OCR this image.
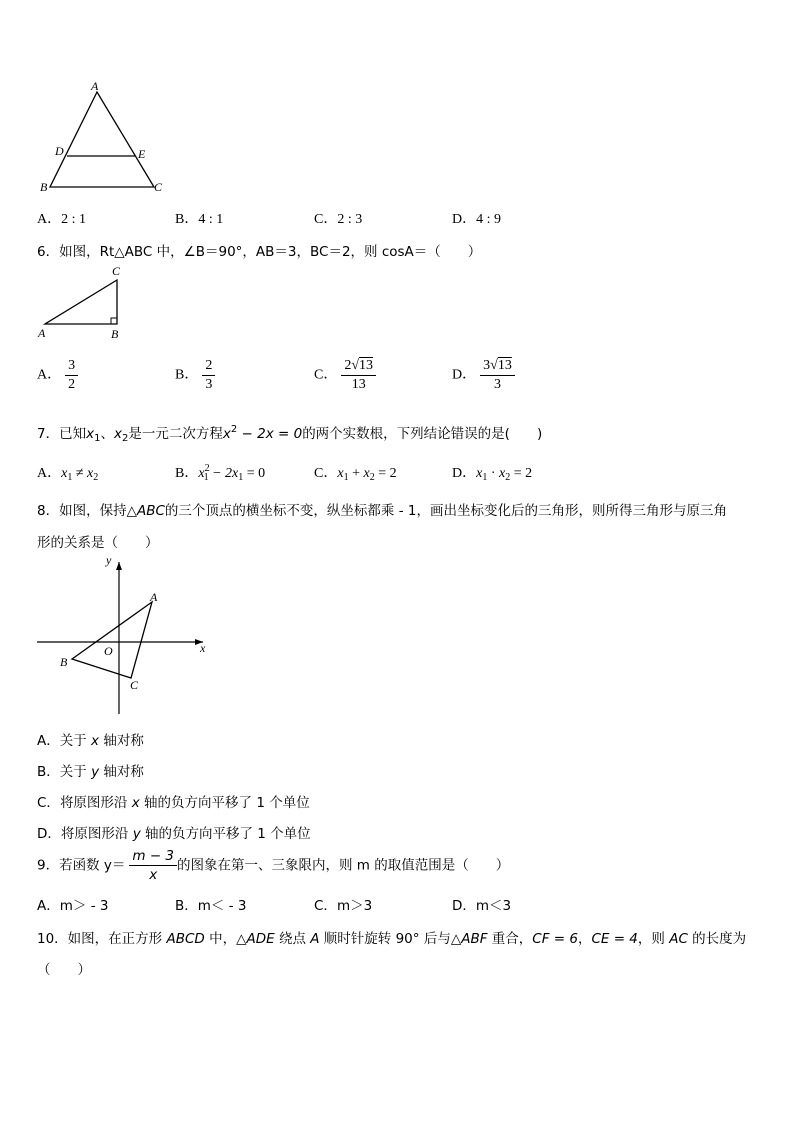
A
D	E
B	C
A．2 : 1	B．4 : 1	C．2 : 3	D．4 : 9
6．如图，Rt△ABC 中，∠B＝90°，AB＝3，BC＝2，则 cosA＝（　　）
C
A	B
A． $\frac{3}{2}$	B． $\frac{2}{3}$	C． $\frac{2√13}{13}$	D． $\frac{3√13}{3}$
7．已知$x_1$、$x_2$是一元二次方程$x^2 - 2x = 0$的两个实数根，下列结论错误的是(　　)
A．$x_1 \ne x_2$	B．$x^2_1 - 2x_1 = 0$	C．$x_1 + x_2 = 2$	D．$x_1 \cdot x_2 = 2$
8．如图，保持△ABC的三个顶点的横坐标不变，纵坐标都乘 - 1，画出坐标变化后的三角形，则所得三角形与原三角
形的关系是（　　）
y
x
O
A
B
C
A．关于 x 轴对称
B．关于 y 轴对称
C．将原图形沿 x 轴的负方向平移了 1 个单位
D．将原图形沿 y 轴的负方向平移了 1 个单位
9．若函数 $y= \frac{m - 3}{x}$ 的图象在第一、三象限内，则 m 的取值范围是（　　）
A．m＞ - 3	B．m＜ - 3	C．m＞3	D．m＜3
10．如图，在正方形 ABCD 中，△ADE 绕点 A 顺时针旋转 90° 后与△ABF 重合，CF = 6，CE = 4，则 AC 的长度为
（　　）
